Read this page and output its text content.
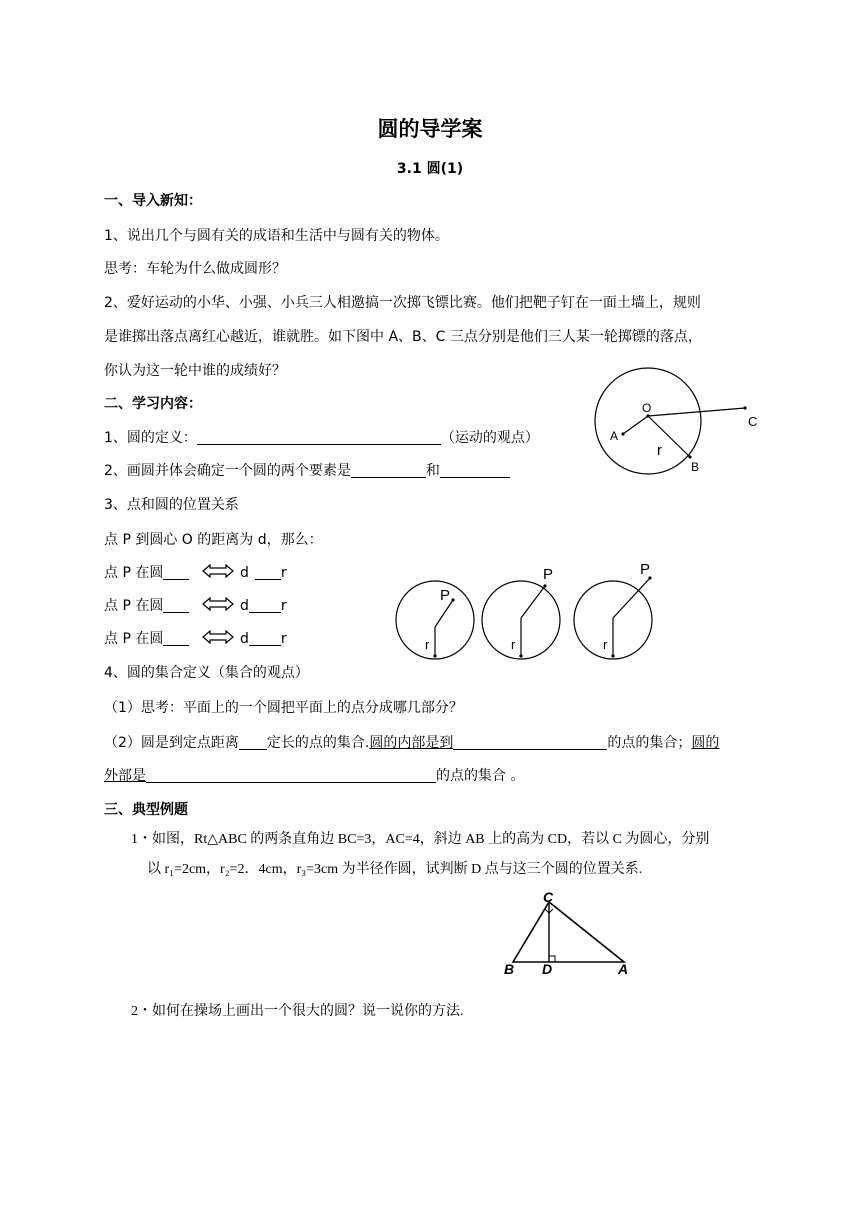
圆的导学案
3.1 圆(1)
一、导入新知：
1、说出几个与圆有关的成语和生活中与圆有关的物体。
思考：车轮为什么做成圆形？
2、爱好运动的小华、小强、小兵三人相邀搞一次掷飞镖比赛。他们把靶子钉在一面土墙上，规则
是谁掷出落点离红心越近，谁就胜。如下图中 A、B、C 三点分别是他们三人某一轮掷镖的落点，
你认为这一轮中谁的成绩好？
O
C
A
B
r
二、学习内容：
1、圆的定义：	（运动的观点）
2、画圆并体会确定一个圆的两个要素是	和
3、点和圆的位置关系
点 P 到圆心 O 的距离为 d，那么：
点 P 在圆	d r
点 P 在圆	d r
点 P 在圆	d r
P
r
P
r
P
r
4、圆的集合定义（集合的观点）
（1）思考：平面上的一个圆把平面上的点分成哪几部分？
（2）圆是到定点距离 定长的点的集合.圆的内部是到	的点的集合；圆的
外部是	的点的集合 。
三、典型例题
1・如图，Rt△ABC 的两条直角边 BC=3，AC=4，斜边 AB 上的高为 CD，若以 C 为圆心，分别
以 r₁=2cm，r₂=2．4cm，r₃=3cm 为半径作圆，试判断 D 点与这三个圆的位置关系.
C
B D	A
2・如何在操场上画出一个很大的圆？说一说你的方法.
